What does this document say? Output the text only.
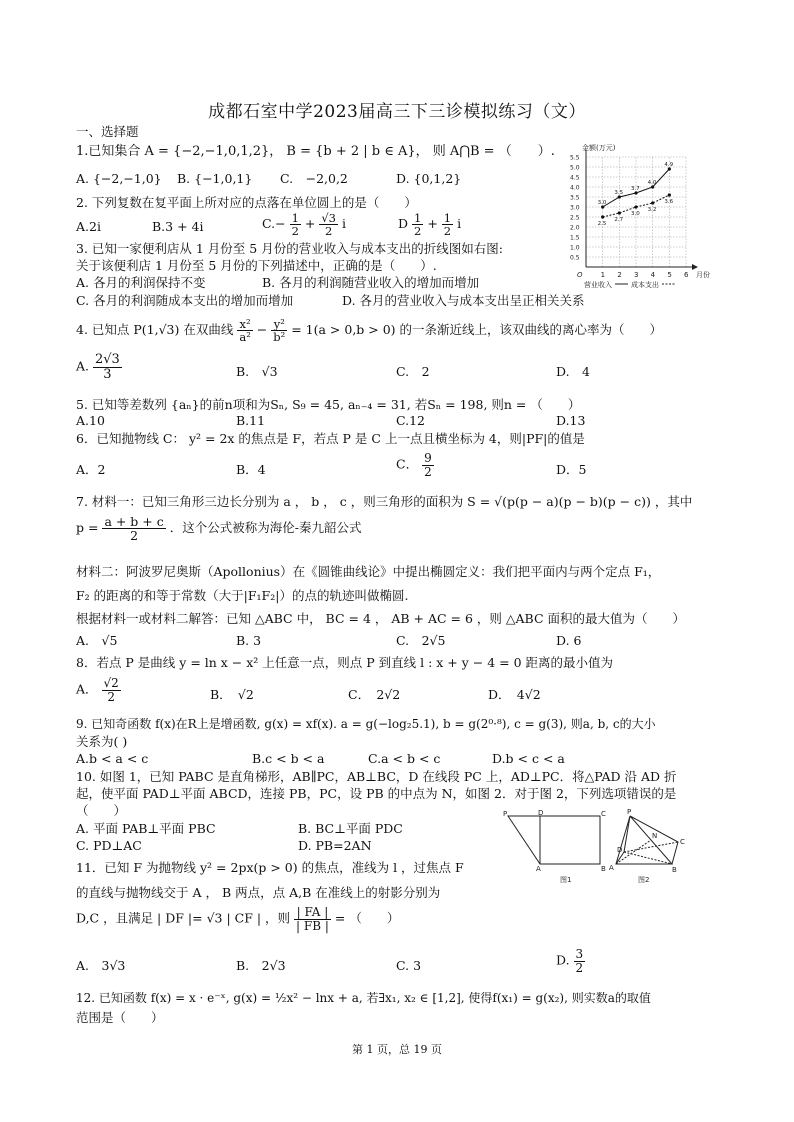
成都石室中学2023届高三下三诊模拟练习（文）
一、选择题
1.已知集合 A = {−2,−1,0,1,2}， B = {b + 2 | b ∈ A}， 则 A⋂B = （　　）.
A. {−2,−1,0} B. {−1,0,1} C.　−2,0,2	D. {0,1,2}
2. 下列复数在复平面上所对应的点落在单位圆上的是（　　）
A.2i	B.3 + 4i	$C.- \frac{1}{2} + \frac{√3}{2}$ i	D $\frac{1}{2} + \frac{1}{2}$ i
3. 已知一家便利店从 1 月份至 5 月份的营业收入与成本支出的折线图如右图:
关于该便利店 1 月份至 5 月份的下列描述中，正确的是（　　）.
A. 各月的利润保持不变	B. 各月的利润随营业收入的增加而增加
C. 各月的利润随成本支出的增加而增加	D. 各月的营业收入与成本支出呈正相关关系
金额(万元)
0.5
1.0
1.5
2.0
2.5
3.0
3.5
4.0
4.5
5.0
5.5
1 2 3 4 5 6
O	月份
3.0
3.5
3.7
4.0
4.9
2.5
2.7
3.0
3.2
3.6
营业收入	成本支出
4. 已知点 P(1,√3) 在双曲线 $\frac{\text{x²}}{\text{a²}} - \frac{\text{y²}}{\text{b²}} = 1(a > 0,b > 0)$ 的一条渐近线上，该双曲线的离心率为（　　）
A. $\frac{2√3}{3}$	B.　√3	C.　2	D.　4
5. 已知等差数列 {aₙ}的前n项和为Sₙ, S₉ = 45, aₙ₋₄ = 31, 若Sₙ = 198, 则n = （　　）
A.10	B.11	C.12	D.13
6．已知抛物线 C： y² = 2x 的焦点是 F，若点 P 是 C 上一点且横坐标为 4，则|PF|的值是
A．2	B．4	C． $\frac{9}{2}$	D．5
7. 材料一：已知三角形三边长分别为 a ， b ， c ，则三角形的面积为 S = √(p(p − a)(p − b)(p − c)) ，其中
$p = \frac{a + b + c}{2}$ ．这个公式被称为海伦-秦九韶公式
材料二：阿波罗尼奥斯（Apollonius）在《圆锥曲线论》中提出椭圆定义：我们把平面内与两个定点 F₁，
F₂ 的距离的和等于常数（大于|F₁F₂|）的点的轨迹叫做椭圆.
根据材料一或材料二解答：已知 △ABC 中， BC = 4 ， AB + AC = 6 ，则 △ABC 面积的最大值为（　　）
A.　√5	B. 3	C.　2√5	D. 6
8．若点 P 是曲线 y = ln x − x² 上任意一点，则点 P 到直线 l : x + y − 4 = 0 距离的最小值为
A． $\frac{√2}{2}$	B．　√2	C．　2√2	D．　4√2
9. 已知奇函数 f(x)在R上是增函数, g(x) = xf(x). a = g(−log₂5.1), b = g(2⁰·⁸), c = g(3), 则a, b, c的大小
关系为( )
A.b < a < c	B.c < b < a	C.a < b < c	D.b < c < a
10. 如图 1，已知 PABC 是直角梯形，AB∥PC，AB⊥BC，D 在线段 PC 上，AD⊥PC．将△PAD 沿 AD 折
起，使平面 PAD⊥平面 ABCD，连接 PB，PC，设 PB 的中点为 N，如图 2．对于图 2，下列选项错误的是
（　　）
A. 平面 PAB⊥平面 PBC	B. BC⊥平面 PDC
C. PD⊥AC	D. PB=2AN
P	D	C
A	B
图1
P
N
D
C
A	B
图2
11．已知 F 为抛物线 y² = 2px(p > 0) 的焦点，准线为 l ，过焦点 F
的直线与抛物线交于 A ， B 两点，点 A,B 在准线上的射影分别为
D,C ，且满足 | DF |= √3 | CF | ，则 $\frac{| FA |}{| FB |}$ = （　　）
A.　3√3	B.　2√3	C. 3	D. $\frac{3}{2}$
12. 已知函数 f(x) = x · e⁻ˣ, g(x) = ½x² − lnx + a, 若∃x₁, x₂ ∈ [1,2], 使得f(x₁) = g(x₂), 则实数a的取值
范围是（　　）
第 1 页，总 19 页
